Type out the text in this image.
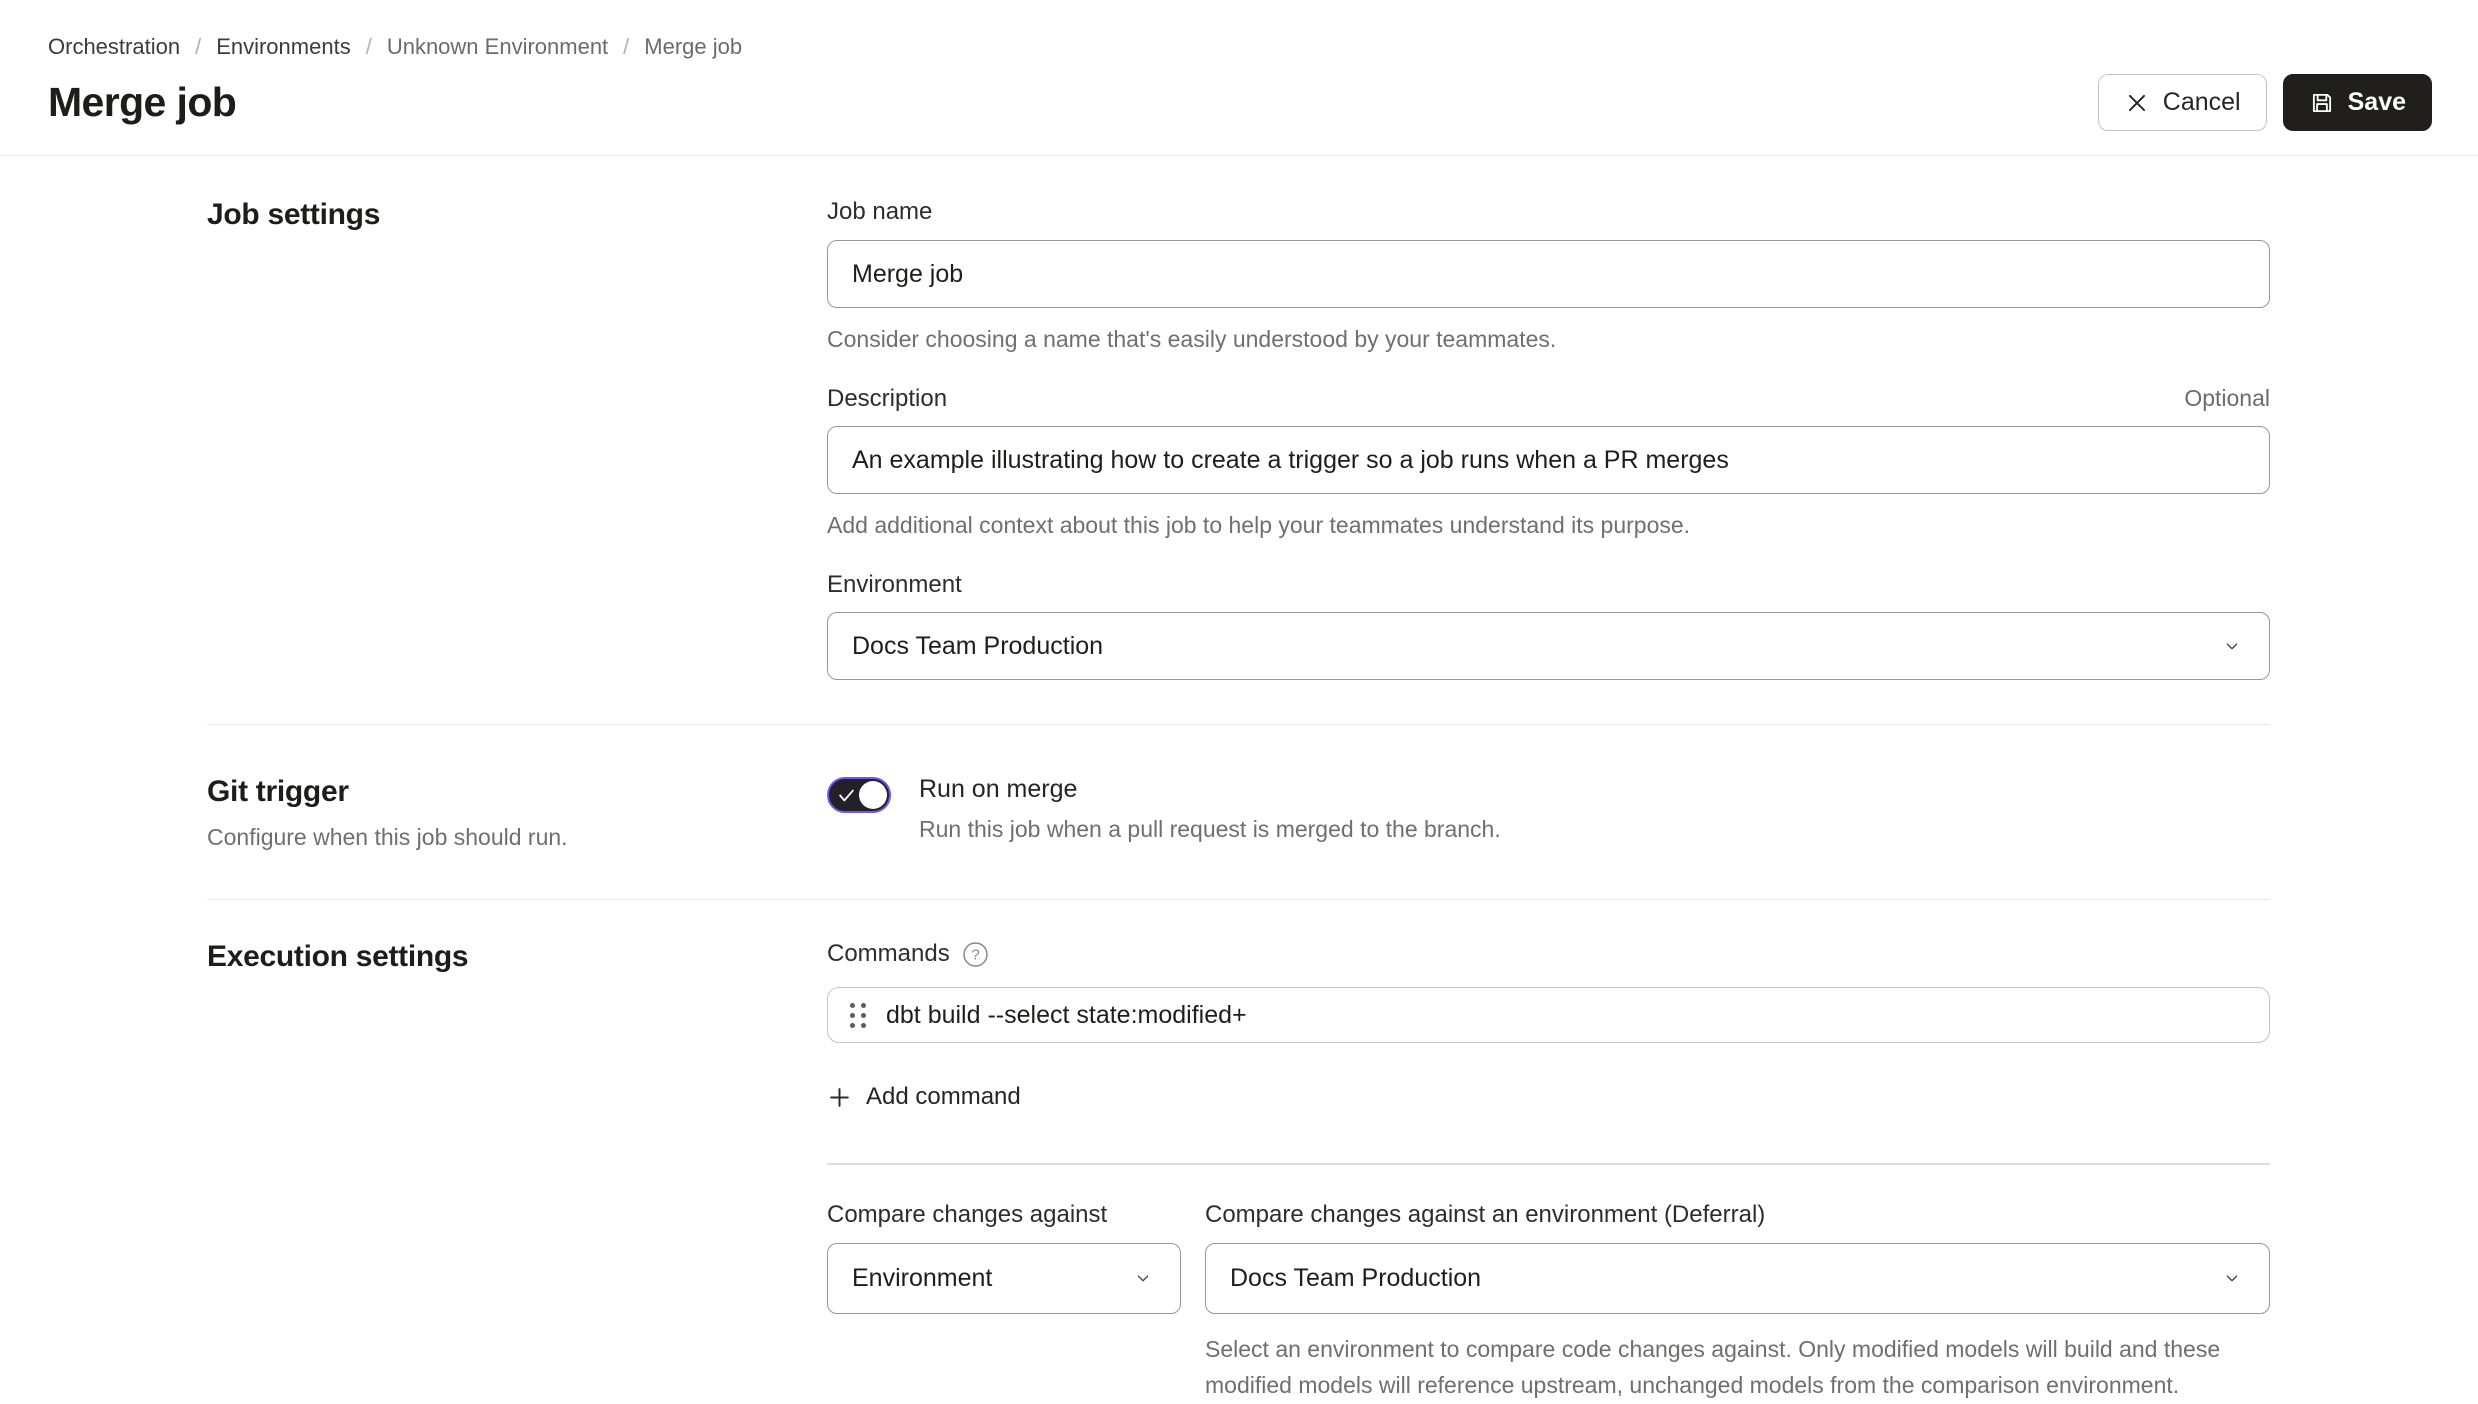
Orchestration / Environments / Unknown Environment / Merge job
Merge job	Cancel	Save
Job settings	Job name
Merge job
Consider choosing a name that's easily understood by your teammates.
Description	Optional
An example illustrating how to create a trigger so a job runs when a PR merges
Add additional context about this job to help your teammates understand its purpose.
Environment
Docs Team Production
Git trigger
Configure when this job should run.
Run on merge
Run this job when a pull request is merged to the branch.
Execution settings	Commands ?
dbt build --select state:modified+
Add command
Compare changes against
Environment
Compare changes against an environment (Deferral)
Docs Team Production
Select an environment to compare code changes against. Only modified models will build and these modified models will reference upstream, unchanged models from the comparison environment.
